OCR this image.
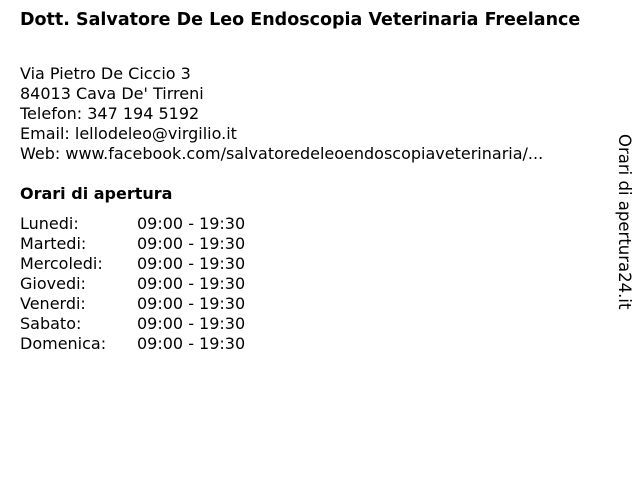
Dott. Salvatore De Leo Endoscopia Veterinaria Freelance
Via Pietro De Ciccio 3
84013 Cava De' Tirreni
Telefon: 347 194 5192
Email: lellodeleo@virgilio.it
Web: www.facebook.com/salvatoredeleoendoscopiaveterinaria/...
Orari di apertura
Lunedi:	09:00 - 19:30
Martedi:	09:00 - 19:30
Mercoledi:	09:00 - 19:30
Giovedi:	09:00 - 19:30
Venerdi:	09:00 - 19:30
Sabato:	09:00 - 19:30
Domenica:	09:00 - 19:30
Orari di apertura24.it
